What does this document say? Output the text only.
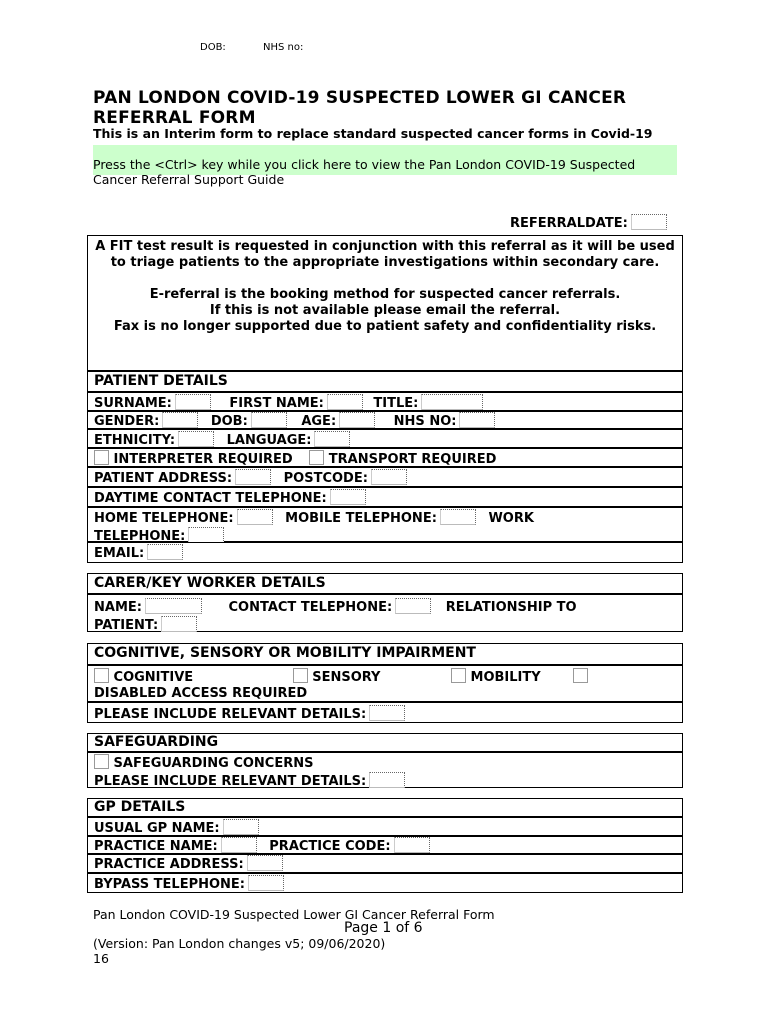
DOB:	NHS no:
PAN LONDON COVID-19 SUSPECTED LOWER GI CANCER REFERRAL FORM
This is an Interim form to replace standard suspected cancer forms in Covid-19
Press the <Ctrl> key while you click here to view the Pan London COVID-19 Suspected Cancer Referral Support Guide
REFERRALDATE:

A FIT test result is requested in conjunction with this referral as it will be used to triage patients to the appropriate investigations within secondary care.

E-referral is the booking method for suspected cancer referrals.

If this is not available please email the referral.

Fax is no longer supported due to patient safety and confidentiality risks.

PATIENT DETAILS
SURNAME:	FIRST NAME:	TITLE:
GENDER:	DOB:	AGE:	NHS NO:
ETHNICITY:	LANGUAGE:
INTERPRETER REQUIRED	TRANSPORT REQUIRED
PATIENT ADDRESS:	POSTCODE:
DAYTIME CONTACT TELEPHONE:
HOME TELEPHONE:	MOBILE TELEPHONE:	WORK
TELEPHONE:
EMAIL:
CARER/KEY WORKER DETAILS
NAME:	CONTACT TELEPHONE:	RELATIONSHIP TO
PATIENT:
COGNITIVE, SENSORY OR MOBILITY IMPAIRMENT
COGNITIVE	SENSORY	MOBILITY
DISABLED ACCESS REQUIRED
PLEASE INCLUDE RELEVANT DETAILS:
SAFEGUARDING
SAFEGUARDING CONCERNS
PLEASE INCLUDE RELEVANT DETAILS:
GP DETAILS
USUAL GP NAME:
PRACTICE NAME:	PRACTICE CODE:
PRACTICE ADDRESS:
BYPASS TELEPHONE:
Pan London COVID-19 Suspected Lower GI Cancer Referral Form
Page 1 of 6
(Version: Pan London changes v5; 09/06/2020)
16
